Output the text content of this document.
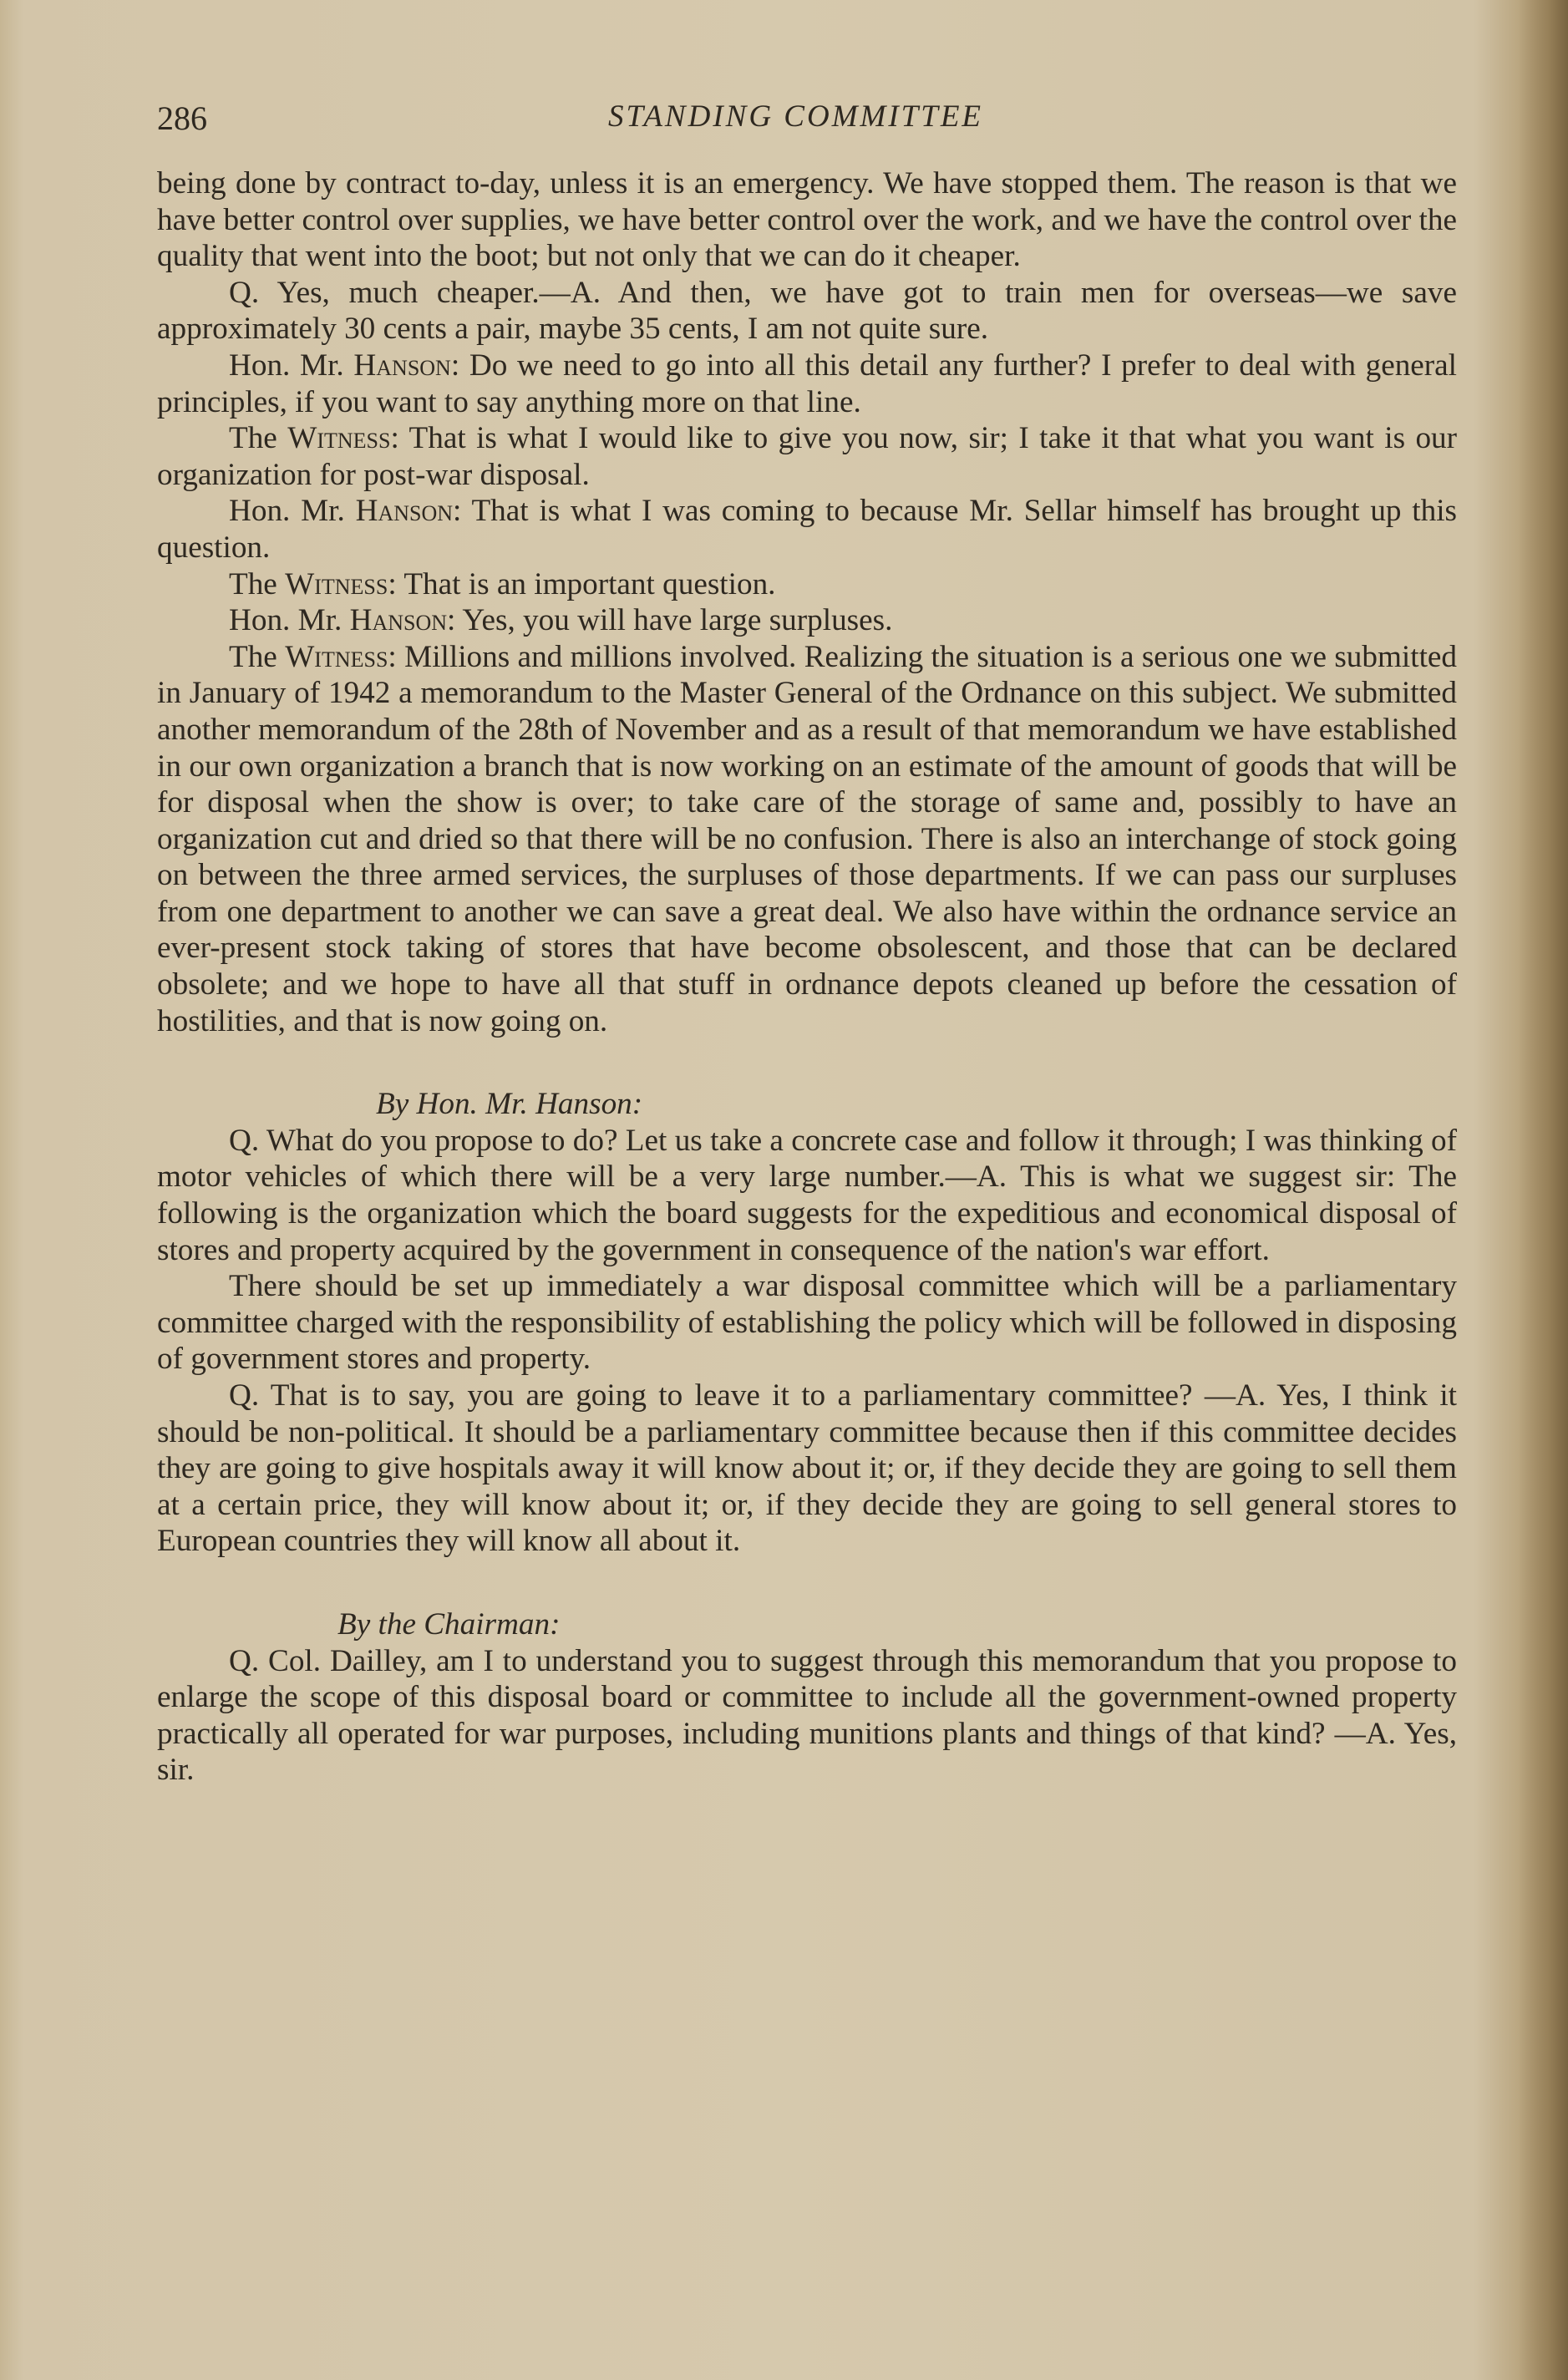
286	STANDING COMMITTEE

being done by contract to-day, unless it is an emergency. We have stopped them. The reason is that we have better control over supplies, we have better control over the work, and we have the control over the quality that went into the boot; but not only that we can do it cheaper.

Q. Yes, much cheaper.—A. And then, we have got to train men for overseas—we save approximately 30 cents a pair, maybe 35 cents, I am not quite sure.

Hon. Mr. Hanson: Do we need to go into all this detail any further? I prefer to deal with general principles, if you want to say anything more on that line.

The Witness: That is what I would like to give you now, sir; I take it that what you want is our organization for post-war disposal.

Hon. Mr. Hanson: That is what I was coming to because Mr. Sellar himself has brought up this question.

The Witness: That is an important question.

Hon. Mr. Hanson: Yes, you will have large surpluses.

The Witness: Millions and millions involved. Realizing the situation is a serious one we submitted in January of 1942 a memorandum to the Master General of the Ordnance on this subject. We submitted another memorandum of the 28th of November and as a result of that memorandum we have established in our own organization a branch that is now working on an estimate of the amount of goods that will be for disposal when the show is over; to take care of the storage of same and, possibly to have an organization cut and dried so that there will be no confusion. There is also an interchange of stock going on between the three armed services, the surpluses of those departments. If we can pass our surpluses from one department to another we can save a great deal. We also have within the ordnance service an ever-present stock taking of stores that have become obsolescent, and those that can be declared obsolete; and we hope to have all that stuff in ordnance depots cleaned up before the cessation of hostilities, and that is now going on.

By Hon. Mr. Hanson:

Q. What do you propose to do? Let us take a concrete case and follow it through; I was thinking of motor vehicles of which there will be a very large number.—A. This is what we suggest sir: The following is the organization which the board suggests for the expeditious and economical disposal of stores and property acquired by the government in consequence of the nation's war effort.

There should be set up immediately a war disposal committee which will be a parliamentary committee charged with the responsibility of establishing the policy which will be followed in disposing of government stores and property.

Q. That is to say, you are going to leave it to a parliamentary committee? —A. Yes, I think it should be non-political. It should be a parliamentary committee because then if this committee decides they are going to give hospitals away it will know about it; or, if they decide they are going to sell them at a certain price, they will know about it; or, if they decide they are going to sell general stores to European countries they will know all about it.

By the Chairman:

Q. Col. Dailley, am I to understand you to suggest through this memorandum that you propose to enlarge the scope of this disposal board or committee to include all the government-owned property practically all operated for war purposes, including munitions plants and things of that kind? —A. Yes, sir.
